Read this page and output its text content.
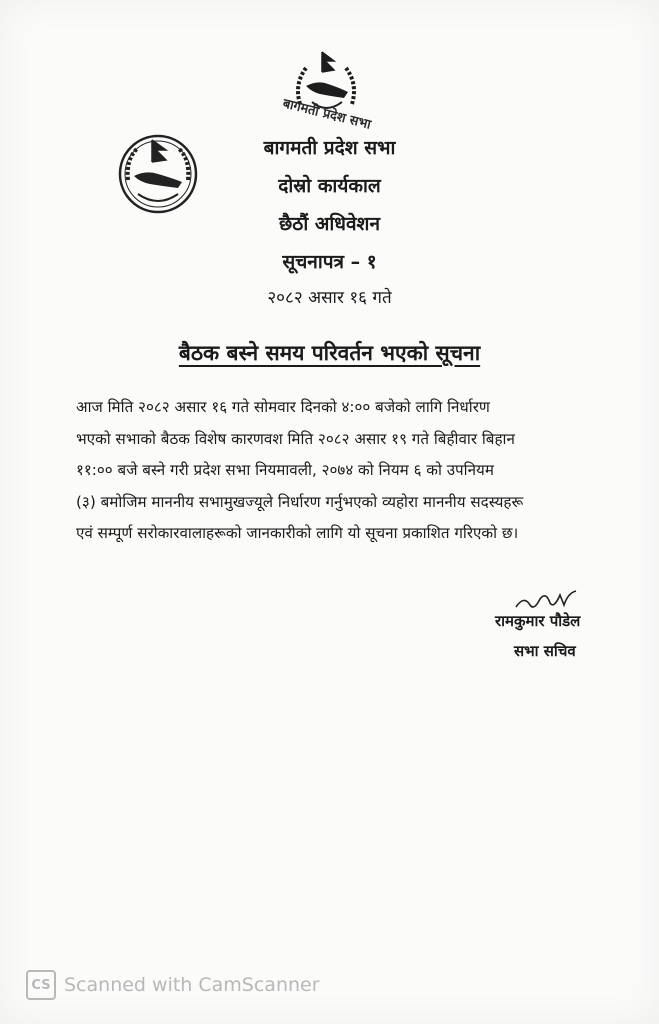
बागमती प्रदेश सभा
बागमती प्रदेश सभा
दोस्रो कार्यकाल
छैठौं अधिवेशन
सूचनापत्र – १
२०८२ असार १६ गते
बैठक बस्ने समय परिवर्तन भएको सूचना
आज मिति २०८२ असार १६ गते सोमवार दिनको ४:०० बजेको लागि निर्धारण
भएको सभाको बैठक विशेष कारणवश मिति २०८२ असार १९ गते बिहीवार बिहान
११:०० बजे बस्ने गरी प्रदेश सभा नियमावली, २०७४ को नियम ६ को उपनियम
(३) बमोजिम माननीय सभामुखज्यूले निर्धारण गर्नुभएको व्यहोरा माननीय सदस्यहरू
एवं सम्पूर्ण सरोकारवालाहरूको जानकारीको लागि यो सूचना प्रकाशित गरिएको छ।
रामकुमार पौडेल
सभा सचिव
CS Scanned with CamScanner
